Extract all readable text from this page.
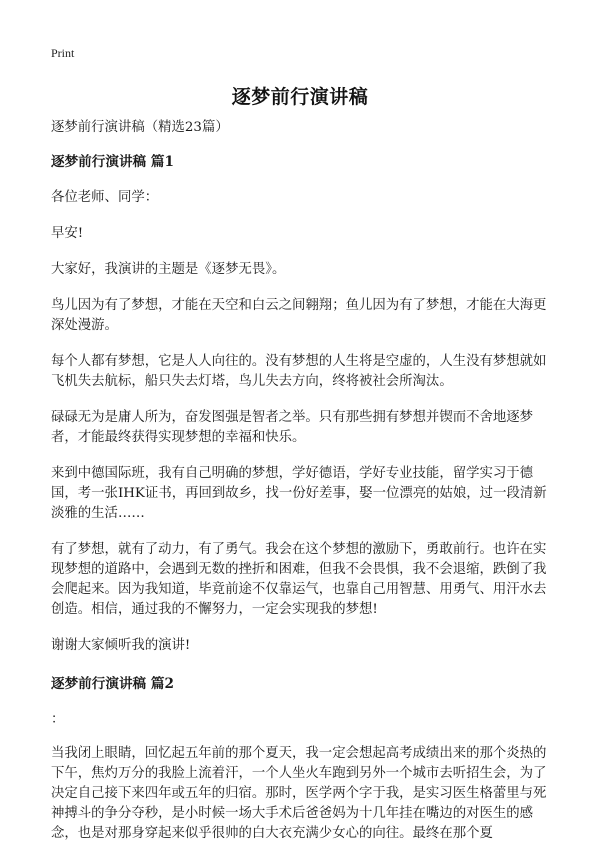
Print
逐梦前行演讲稿

逐梦前行演讲稿（精选23篇）

逐梦前行演讲稿 篇1

各位老师、同学：

早安!

大家好，我演讲的主题是《逐梦无畏》。

鸟儿因为有了梦想，才能在天空和白云之间翱翔；鱼儿因为有了梦想，才能在大海更深处漫游。

每个人都有梦想，它是人人向往的。没有梦想的人生将是空虚的，人生没有梦想就如飞机失去航标，船只失去灯塔，鸟儿失去方向，终将被社会所淘汰。

碌碌无为是庸人所为，奋发图强是智者之举。只有那些拥有梦想并锲而不舍地逐梦者，才能最终获得实现梦想的幸福和快乐。

来到中德国际班，我有自己明确的梦想，学好德语，学好专业技能，留学实习于德国，考一张IHK证书，再回到故乡，找一份好差事，娶一位漂亮的姑娘，过一段清新淡雅的生活……

有了梦想，就有了动力，有了勇气。我会在这个梦想的激励下，勇敢前行。也许在实现梦想的道路中，会遇到无数的挫折和困难，但我不会畏惧，我不会退缩，跌倒了我会爬起来。因为我知道，毕竟前途不仅靠运气，也靠自己用智慧、用勇气、用汗水去创造。相信，通过我的不懈努力，一定会实现我的梦想!

谢谢大家倾听我的演讲!

逐梦前行演讲稿 篇2

：

当我闭上眼睛，回忆起五年前的那个夏天，我一定会想起高考成绩出来的那个炎热的下午，焦灼万分的我脸上流着汗，一个人坐火车跑到另外一个城市去听招生会，为了决定自己接下来四年或五年的归宿。那时，医学两个字于我，是实习医生格蕾里与死神搏斗的争分夺秒，是小时候一场大手术后爸爸妈为十几年挂在嘴边的对医生的感念，也是对那身穿起来似乎很帅的白大衣充满少女心的向往。最终在那个夏
